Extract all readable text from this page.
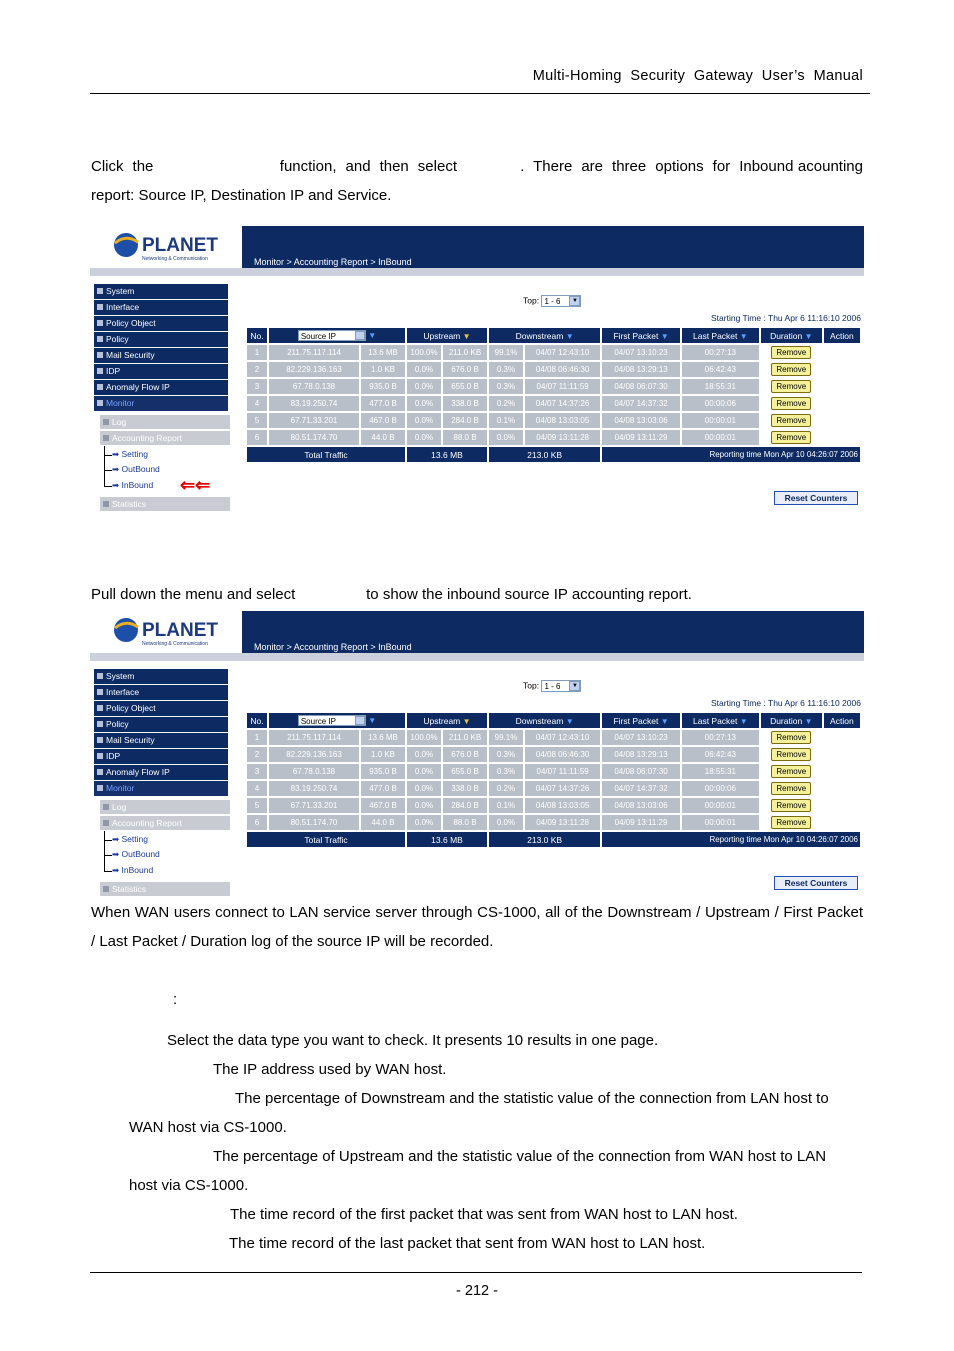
Multi-Homing  Security  Gateway  User’s  Manual
Click  the                            function,  and  then  select              .  There  are  three  options  for  Inbound acounting report: Source IP, Destination IP and Service.
PLANET
Networking & Communication	Monitor > Accounting Report > InBound
System
Interface
Policy Object
Policy
Mail Security
IDP
Anomaly Flow IP
Monitor
Log
Accounting Report
➡ Setting
➡ OutBound
➡ InBound ⇐⇐
Statistics
Top: 1 - 6	▼
Starting Time : Thu Apr 6 11:16:10 2006
No.	Source IP ▼		Upstream ▼		Downstream ▼		First Packet ▼	Last Packet ▼	Duration ▼	Action
1	211.75.117.114	13.6 MB	100.0%	211.0 KB	99.1%	04/07 12:43:10	04/07 13:10:23	00:27:13	Remove	
2	82.229.136.163	1.0 KB	0.0%	676.0 B	0.3%	04/08 06:46:30	04/08 13:29:13	06:42:43	Remove	
3	67.78.0.138	935.0 B	0.0%	655.0 B	0.3%	04/07 11:11:59	04/08 06:07:30	18:55:31	Remove	
4	83.19.250.74	477.0 B	0.0%	338.0 B	0.2%	04/07 14:37:26	04/07 14:37:32	00:00:06	Remove	
5	67.71.33.201	467.0 B	0.0%	284.0 B	0.1%	04/08 13:03:05	04/08 13:03:06	00:00:01	Remove	
6	80.51.174.70	44.0 B	0.0%	88.0 B	0.0%	04/09 13:11:28	04/09 13:11:29	00:00:01	Remove	
Total Traffic			13.6 MB		213.0 KB		Reporting time Mon Apr 10 04:26:07 2006			
Reset Counters
Pull down the menu and select                 to show the inbound source IP accounting report.
PLANET
Networking & Communication	Monitor > Accounting Report > InBound
System
Interface
Policy Object
Policy
Mail Security
IDP
Anomaly Flow IP
Monitor
Log
Accounting Report
➡ Setting
➡ OutBound
➡ InBound
Statistics
Top: 1 - 6	▼
Starting Time : Thu Apr 6 11:16:10 2006
No.	Source IP ▼		Upstream ▼		Downstream ▼		First Packet ▼	Last Packet ▼	Duration ▼	Action
1	211.75.117.114	13.6 MB	100.0%	211.0 KB	99.1%	04/07 12:43:10	04/07 13:10:23	00:27:13	Remove	
2	82.229.136.163	1.0 KB	0.0%	676.0 B	0.3%	04/08 06:46:30	04/08 13:29:13	06:42:43	Remove	
3	67.78.0.138	935.0 B	0.0%	655.0 B	0.3%	04/07 11:11:59	04/08 06:07:30	18:55:31	Remove	
4	83.19.250.74	477.0 B	0.0%	338.0 B	0.2%	04/07 14:37:26	04/07 14:37:32	00:00:06	Remove	
5	67.71.33.201	467.0 B	0.0%	284.0 B	0.1%	04/08 13:03:05	04/08 13:03:06	00:00:01	Remove	
6	80.51.174.70	44.0 B	0.0%	88.0 B	0.0%	04/09 13:11:28	04/09 13:11:29	00:00:01	Remove	
Total Traffic			13.6 MB		213.0 KB		Reporting time Mon Apr 10 04:26:07 2006			
Reset Counters
When WAN users connect to LAN service server through CS-1000, all of the Downstream / Upstream / First Packet / Last Packet / Duration log of the source IP will be recorded.
:
Select the data type you want to check. It presents 10 results in one page.
The IP address used by WAN host.
The percentage of Downstream and the statistic value of the connection from LAN host to
WAN host via CS-1000.
The percentage of Upstream and the statistic value of the connection from WAN host to LAN
host via CS-1000.
The time record of the first packet that was sent from WAN host to LAN host.
The time record of the last packet that sent from WAN host to LAN host.
- 212 -
